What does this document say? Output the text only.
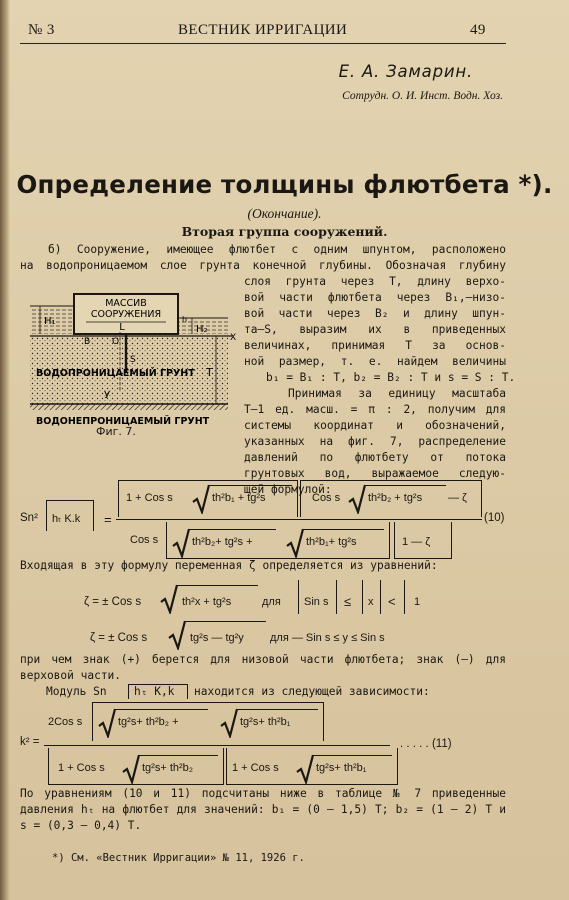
№ 3	ВЕСТНИК ИРРИГАЦИИ	49

Е. А. Замарин.

Сотрудн. О. И. Инст. Водн. Хоз.

Определение толщины флютбета *).

(Окончание).

Вторая группа сооружений.

б) Сооружение, имеющее флютбет с одним шпунтом, расположено

на водопроницаемом слое грунта конечной глубины. Обозначая глубину

слоя грунта через Т, длину верхо-

вой части флютбета через B₁,—низо-

вой части через B₂ и длину шпун-

та—S, выразим их в приведенных

величинах, принимая Т за основ-

ной размер, т. е. найдем величины

b₁ = B₁ : T, b₂ = B₂ : T и s = S : T.

Принимая за единицу масштаба

Т—1 ед. масш. = π : 2, получим для

системы координат и обозначений,

указанных на фиг. 7, распределение

давлений по флютбету от потока

грунтовых вод, выражаемое следую-

щей формулой:

МАССИВ
СООРУЖЕНИЯ
L
H₁
H₂
h
B O	X
S
T
У
ВОДОПРОНИЦАЕМЫЙ ГРУНТ
ВОДОНЕПРОНИЦАЕМЫЙ ГРУНТ

Фиг. 7.

Sn² hₜ K.k =
1 + Cos s	th²b₁ + tg²s	Cos s	th²b₂ + tg²s — ζ
(10)
Cos s	th²b₂+ tg²s +	th²b₁+ tg²s	1 — ζ

Входящая в эту формулу переменная ζ определяется из уравнений:

ζ = ± Cos s	th²x + tg²s	для Sin s ≤ x < 1
ζ = ± Cos s	tg²s — tg²y для — Sin s ≤ y ≤ Sin s

при чем знак (+) берется для низовой части флютбета; знак (—) для

верховой части.

Модуль Sn hₜ K,k находится из следующей зависимости:

k² =
2Cos s	tg²s+ th²b₂ +	tg²s+ th²b₁
. . . . . (11)
1 + Cos s	tg²s+ th²b₂	1 + Cos s	tg²s+ th²b₁

По уравнениям (10 и 11) подсчитаны ниже в таблице № 7 приведенные

давления hₜ на флютбет для значений: b₁ = (0 — 1,5) T; b₂ = (1 — 2) T и

s = (0,3 — 0,4) T.

*) См. «Вестник Ирригации» № 11, 1926 г.
